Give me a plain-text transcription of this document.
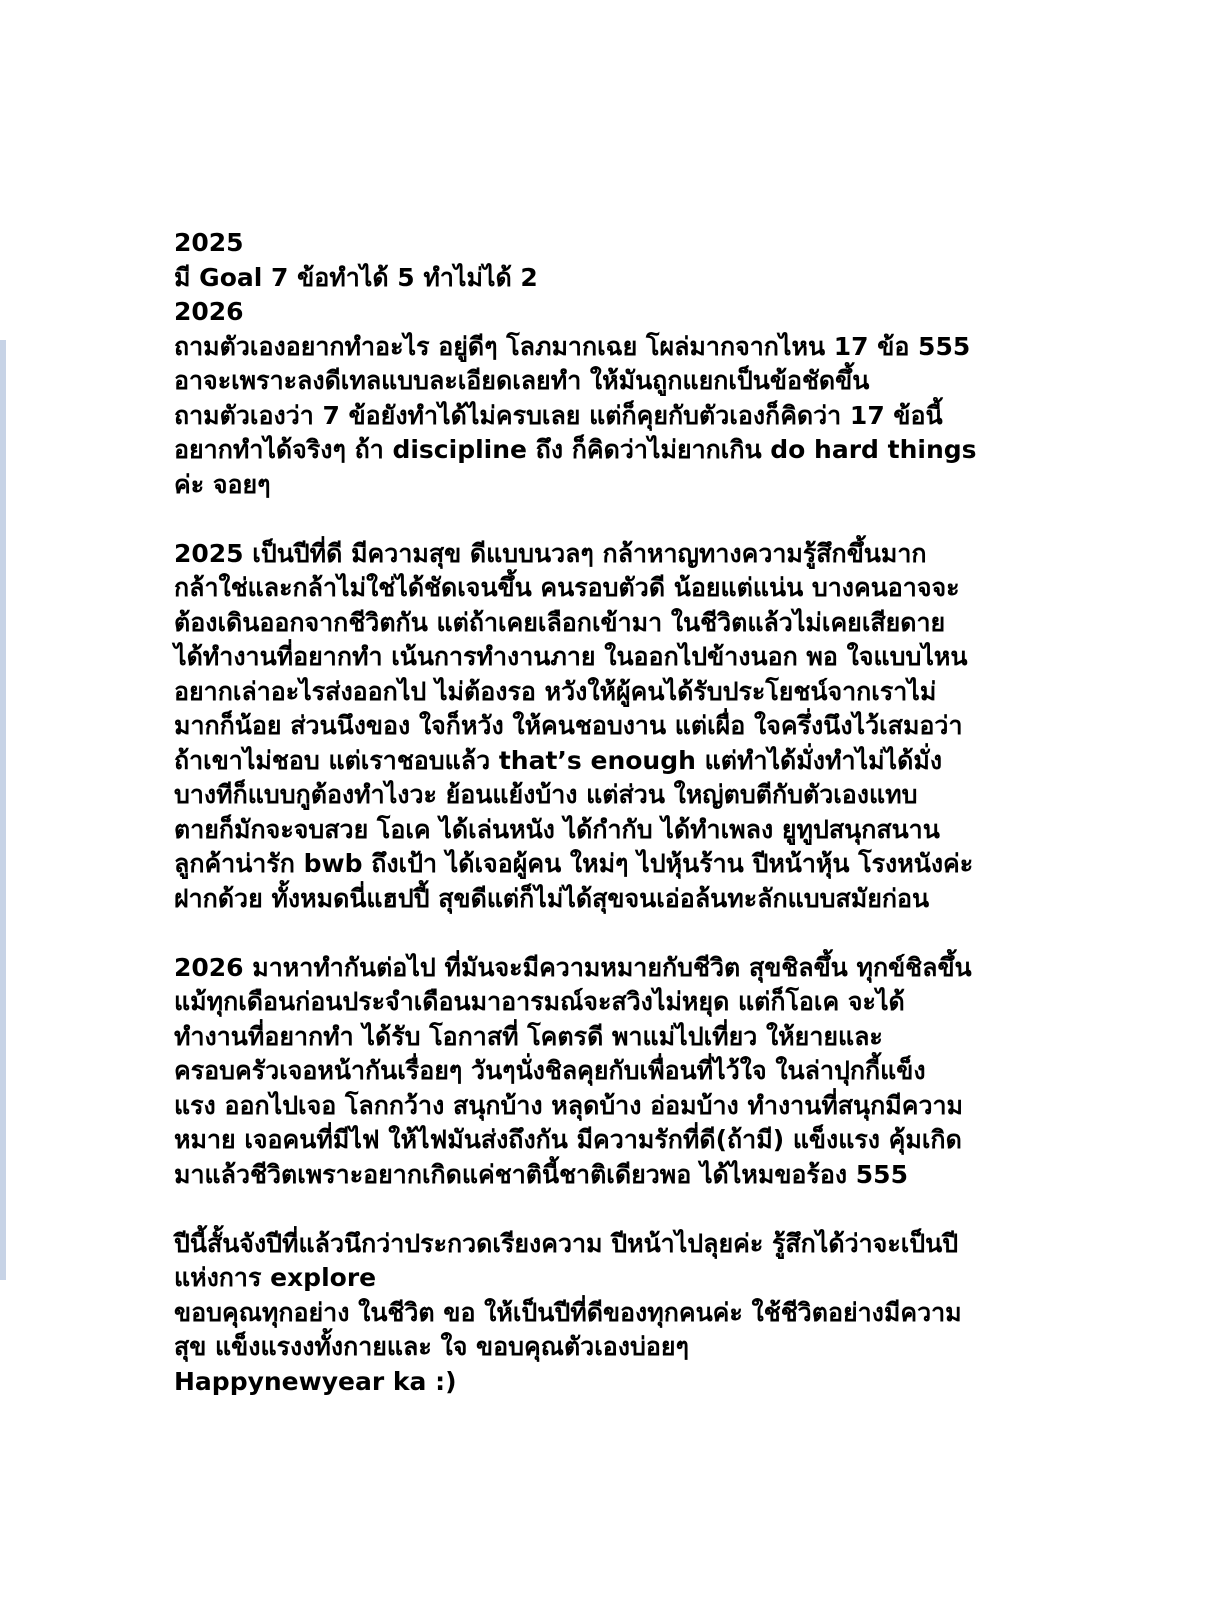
2025
มี Goal 7 ข้อทำได้ 5 ทำไม่ได้ 2
2026
ถามตัวเองอยากทำอะไร อยู่ดีๆ โลภมากเฉย โผล่มากจากไหน 17 ข้อ 555
อาจะเพราะลงดีเทลแบบละเอียดเลยทำ ให้มันถูกแยกเป็นข้อชัดขึ้น
ถามตัวเองว่า 7 ข้อยังทำได้ไม่ครบเลย แต่ก็คุยกับตัวเองก็คิดว่า 17 ข้อนี้
อยากทำได้จริงๆ ถ้า discipline ถึง ก็คิดว่าไม่ยากเกิน do hard things
ค่ะ จอยๆ
2025 เป็นปีที่ดี มีความสุข ดีแบบนวลๆ กล้าหาญทางความรู้สึกขึ้นมาก
กล้าใช่และกล้าไม่ใช่ได้ชัดเจนขึ้น คนรอบตัวดี น้อยแต่แน่น บางคนอาจจะ
ต้องเดินออกจากชีวิตกัน แต่ถ้าเคยเลือกเข้ามา ในชีวิตแล้วไม่เคยเสียดาย
ได้ทำงานที่อยากทำ เน้นการทำงานภาย ในออกไปข้างนอก พอ ใจแบบไหน
อยากเล่าอะไรส่งออกไป ไม่ต้องรอ หวังให้ผู้คนได้รับประโยชน์จากเราไม่
มากก็น้อย ส่วนนึงของ ใจก็หวัง ให้คนชอบงาน แต่เผื่อ ใจครึ่งนึงไว้เสมอว่า
ถ้าเขาไม่ชอบ แต่เราชอบแล้ว that’s enough แต่ทำได้มั่งทำไม่ได้มั่ง
บางทีก็แบบกูต้องทำไงวะ ย้อนแย้งบ้าง แต่ส่วน ใหญ่ตบตีกับตัวเองแทบ
ตายก็มักจะจบสวย โอเค ได้เล่นหนัง ได้กำกับ ได้ทำเพลง ยูทูปสนุกสนาน
ลูกค้าน่ารัก bwb ถึงเป้า ได้เจอผู้คน ใหม่ๆ ไปหุ้นร้าน ปีหน้าหุ้น โรงหนังค่ะ
ฝากด้วย ทั้งหมดนี่แฮปปี้ สุขดีแต่ก็ไม่ได้สุขจนเอ่อล้นทะลักแบบสมัยก่อน
2026 มาหาทำกันต่อไป ที่มันจะมีความหมายกับชีวิต สุขชิลขึ้น ทุกข์ชิลขึ้น
แม้ทุกเดือนก่อนประจำเดือนมาอารมณ์จะสวิงไม่หยุด แต่ก็โอเค จะได้
ทำงานที่อยากทำ ได้รับ โอกาสที่ โคตรดี พาแม่ไปเที่ยว ให้ยายและ
ครอบครัวเจอหน้ากันเรื่อยๆ วันๆนั่งชิลคุยกับเพื่อนที่ไว้ใจ ในล่าปุกกี้แข็ง
แรง ออกไปเจอ โลกกว้าง สนุกบ้าง หลุดบ้าง อ่อมบ้าง ทำงานที่สนุกมีความ
หมาย เจอคนที่มีไฟ ให้ไฟมันส่งถึงกัน มีความรักที่ดี(ถ้ามี) แข็งแรง คุ้มเกิด
มาแล้วชีวิตเพราะอยากเกิดแค่ชาตินี้ชาติเดียวพอ ได้ไหมขอร้อง 555
ปีนี้สั้นจังปีที่แล้วนึกว่าประกวดเรียงความ ปีหน้าไปลุยค่ะ รู้สึกได้ว่าจะเป็นปี
แห่งการ explore
ขอบคุณทุกอย่าง ในชีวิต ขอ ให้เป็นปีที่ดีของทุกคนค่ะ ใช้ชีวิตอย่างมีความ
สุข แข็งแรงงทั้งกายและ ใจ ขอบคุณตัวเองบ่อยๆ
Happynewyear ka :)
